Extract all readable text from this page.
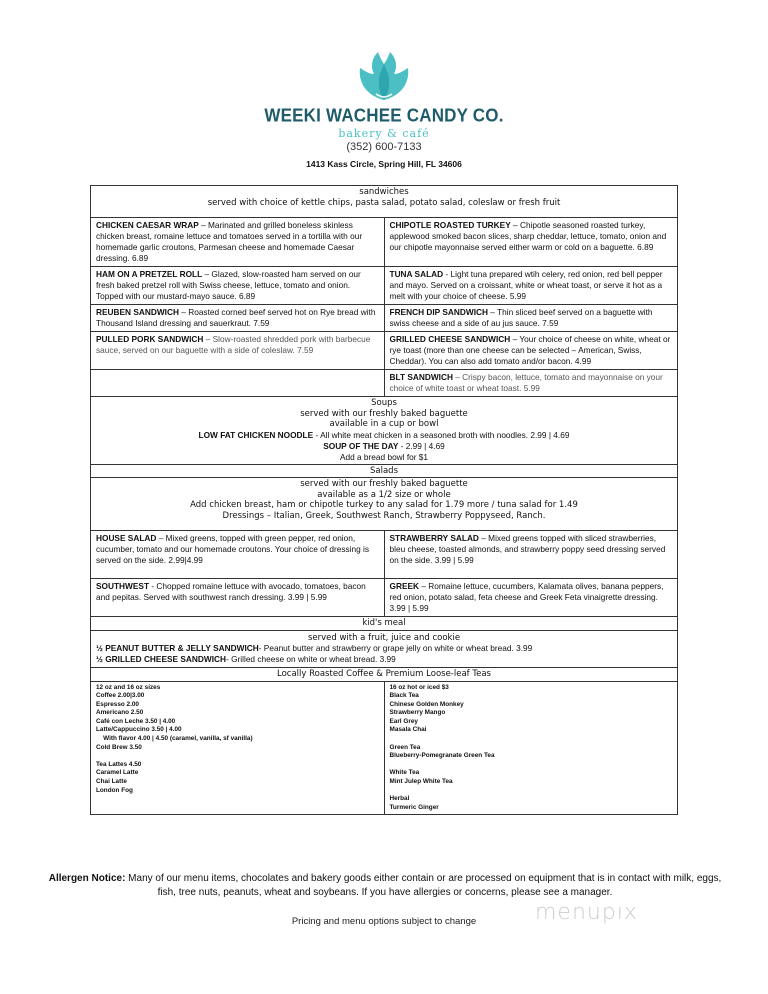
WEEKI WACHEE CANDY CO.
bakery & café
(352) 600-7133
1413 Kass Circle, Spring Hill, FL 34606
sandwiches
served with choice of kettle chips, pasta salad, potato salad, coleslaw or fresh fruit
CHICKEN CAESAR WRAP – Marinated and grilled boneless skinless chicken breast, romaine lettuce and tomatoes served in a tortilla with our homemade garlic croutons, Parmesan cheese and homemade Caesar dressing. 6.89
CHIPOTLE ROASTED TURKEY – Chipotle seasoned roasted turkey, applewood smoked bacon slices, sharp cheddar, lettuce, tomato, onion and our chipotle mayonnaise served either warm or cold on a baguette. 6.89
HAM ON A PRETZEL ROLL – Glazed, slow-roasted ham served on our fresh baked pretzel roll with Swiss cheese, lettuce, tomato and onion. Topped with our mustard-mayo sauce. 6.89
TUNA SALAD - Light tuna prepared wtih celery, red onion, red bell pepper and mayo. Served on a croissant, white or wheat toast, or serve it hot as a melt with your choice of cheese. 5.99
REUBEN SANDWICH – Roasted corned beef served hot on Rye bread with Thousand Island dressing and sauerkraut. 7.59
PULLED PORK SANDWICH – Slow-roasted shredded pork with barbecue sauce, served on our baguette with a side of coleslaw. 7.59
FRENCH DIP SANDWICH – Thin sliced beef served on a baguette with swiss cheese and a side of au jus sauce. 7.59
GRILLED CHEESE SANDWICH – Your choice of cheese on white, wheat or rye toast (more than one cheese can be selected – American, Swiss, Cheddar). You can also add tomato and/or bacon. 4.99
BLT SANDWICH – Crispy bacon, lettuce, tomato and mayonnaise on your choice of white toast or wheat toast. 5.99
Soups
served with our freshly baked baguette
available in a cup or bowl
LOW FAT CHICKEN NOODLE - All white meat chicken in a seasoned broth with noodles. 2.99 | 4.69
SOUP OF THE DAY - 2.99 | 4.69
Add a bread bowl for $1
Salads
served with our freshly baked baguette
available as a 1/2 size or whole
Add chicken breast, ham or chipotle turkey to any salad for 1.79 more / tuna salad for 1.49
Dressings – Italian, Greek, Southwest Ranch, Strawberry Poppyseed, Ranch.
HOUSE SALAD – Mixed greens, topped with green pepper, red onion, cucumber, tomato and our homemade croutons. Your choice of dressing is served on the side. 2.99|4.99
STRAWBERRY SALAD – Mixed greens topped with sliced strawberries, bleu cheese, toasted almonds, and strawberry poppy seed dressing served on the side. 3.99 | 5.99
SOUTHWEST - Chopped romaine lettuce with avocado, tomatoes, bacon and pepitas. Served with southwest ranch dressing. 3.99 | 5.99
GREEK – Romaine lettuce, cucumbers, Kalamata olives, banana peppers, red onion, potato salad, feta cheese and Greek Feta vinaigrette dressing. 3.99 | 5.99
kid's meal
served with a fruit, juice and cookie
½ PEANUT BUTTER & JELLY SANDWICH- Peanut butter and strawberry or grape jelly on white or wheat bread. 3.99
½ GRILLED CHEESE SANDWICH- Grilled cheese on white or wheat bread. 3.99
Locally Roasted Coffee & Premium Loose-leaf Teas
12 oz and 16 oz sizes
Coffee 2.00|3.00
Espresso 2.00
Americano 2.50
Café con Leche 3.50 | 4.00
Latte/Cappuccino 3.50 | 4.00
With flavor 4.00 | 4.50 (caramel, vanilla, sf vanilla)
Cold Brew 3.50
Tea Lattes 4.50
Caramel Latte
Chai Latte
London Fog
16 oz hot or iced $3
Black Tea
Chinese Golden Monkey
Strawberry Mango
Earl Grey
Masala Chai
Green Tea
Blueberry-Pomegranate Green Tea
White Tea
Mint Julep White Tea
Herbal
Turmeric Ginger
Allergen Notice: Many of our menu items, chocolates and bakery goods either contain or are processed on equipment that is in contact with milk, eggs, fish, tree nuts, peanuts, wheat and soybeans. If you have allergies or concerns, please see a manager.
Pricing and menu options subject to change	menupıx
